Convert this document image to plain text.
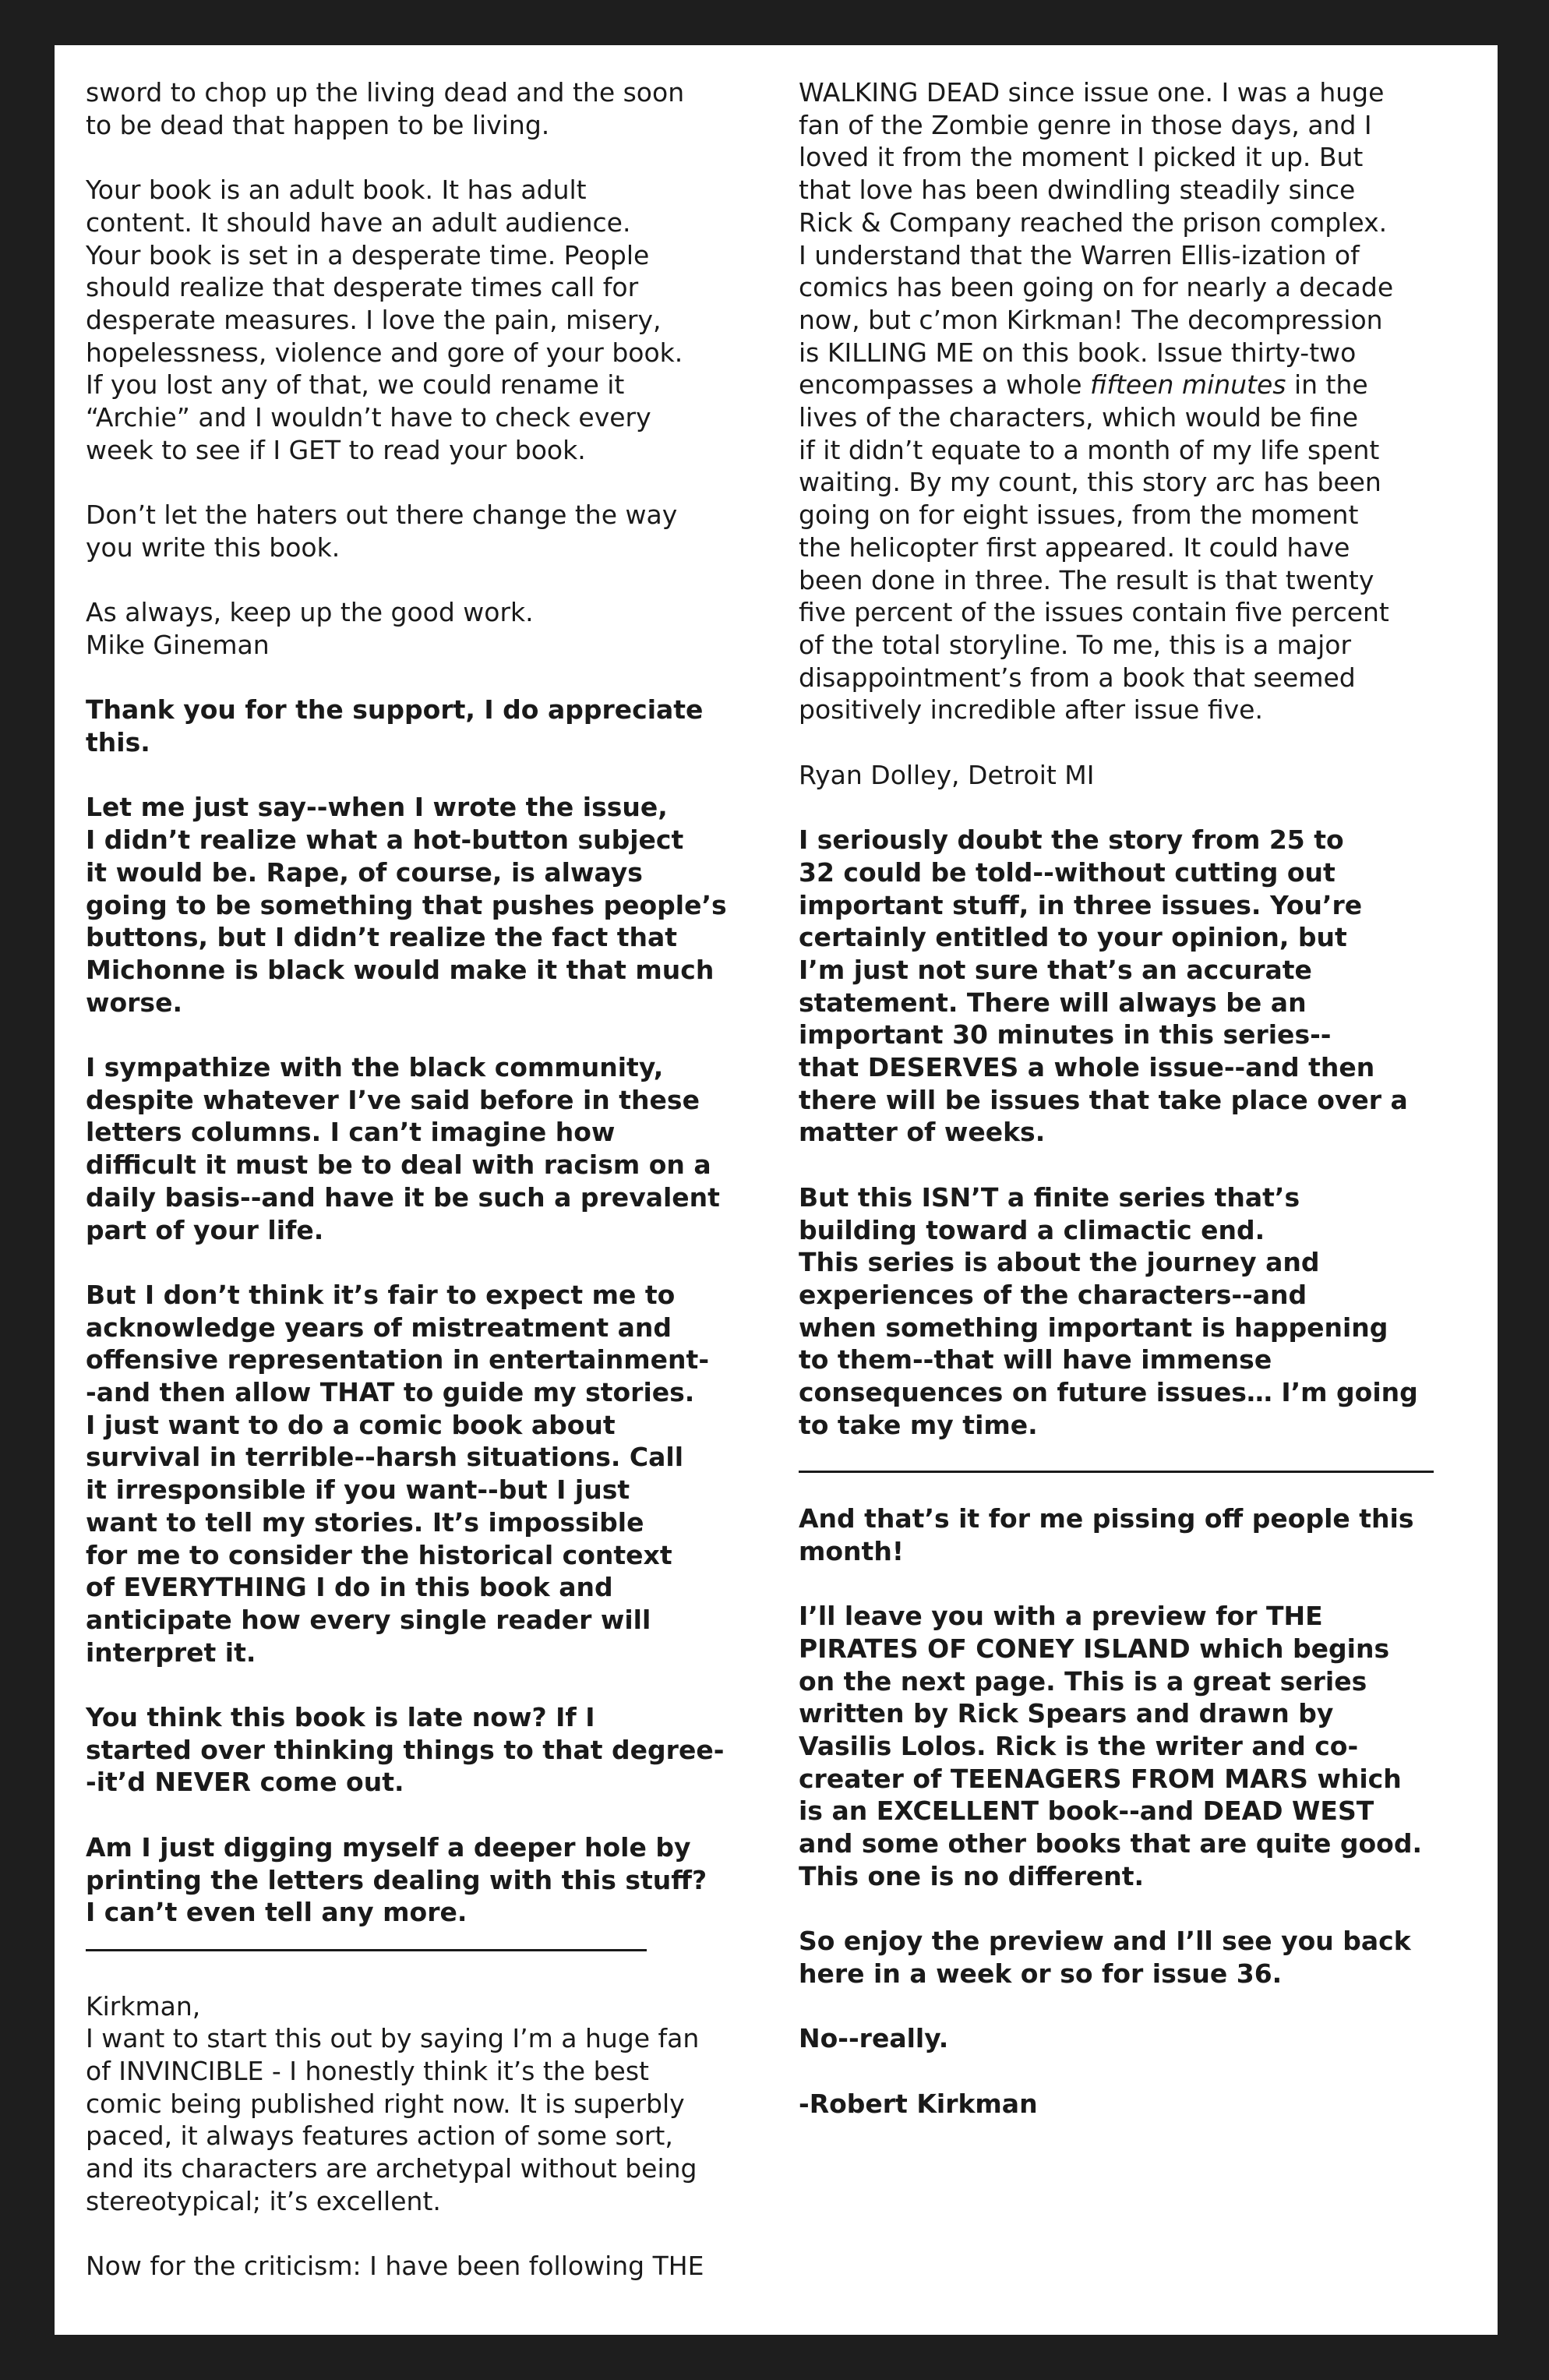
sword to chop up the living dead and the soon
to be dead that happen to be living.

Your book is an adult book. It has adult
content. It should have an adult audience.
Your book is set in a desperate time. People
should realize that desperate times call for
desperate measures. I love the pain, misery,
hopelessness, violence and gore of your book.
If you lost any of that, we could rename it
“Archie” and I wouldn’t have to check every
week to see if I GET to read your book.

Don’t let the haters out there change the way
you write this book.

As always, keep up the good work.
Mike Gineman

Thank you for the support, I do appreciate
this.

Let me just say--when I wrote the issue,
I didn’t realize what a hot-button subject
it would be. Rape, of course, is always
going to be something that pushes people’s
buttons, but I didn’t realize the fact that
Michonne is black would make it that much
worse.

I sympathize with the black community,
despite whatever I’ve said before in these
letters columns. I can’t imagine how
difficult it must be to deal with racism on a
daily basis--and have it be such a prevalent
part of your life.

But I don’t think it’s fair to expect me to
acknowledge years of mistreatment and
offensive representation in entertainment-
-and then allow THAT to guide my stories.
I just want to do a comic book about
survival in terrible--harsh situations. Call
it irresponsible if you want--but I just
want to tell my stories. It’s impossible
for me to consider the historical context
of EVERYTHING I do in this book and
anticipate how every single reader will
interpret it.

You think this book is late now? If I
started over thinking things to that degree-
-it’d NEVER come out.

Am I just digging myself a deeper hole by
printing the letters dealing with this stuff?
I can’t even tell any more.

Kirkman,
I want to start this out by saying I’m a huge fan
of INVINCIBLE - I honestly think it’s the best
comic being published right now. It is superbly
paced, it always features action of some sort,
and its characters are archetypal without being
stereotypical; it’s excellent.

Now for the criticism: I have been following THE

WALKING DEAD since issue one. I was a huge
fan of the Zombie genre in those days, and I
loved it from the moment I picked it up. But
that love has been dwindling steadily since
Rick & Company reached the prison complex.
I understand that the Warren Ellis-ization of
comics has been going on for nearly a decade
now, but c’mon Kirkman! The decompression
is KILLING ME on this book. Issue thirty-two
encompasses a whole fifteen minutes in the
lives of the characters, which would be fine
if it didn’t equate to a month of my life spent
waiting. By my count, this story arc has been
going on for eight issues, from the moment
the helicopter first appeared. It could have
been done in three. The result is that twenty
five percent of the issues contain five percent
of the total storyline. To me, this is a major
disappointment’s from a book that seemed
positively incredible after issue five.

Ryan Dolley, Detroit MI

I seriously doubt the story from 25 to
32 could be told--without cutting out
important stuff, in three issues. You’re
certainly entitled to your opinion, but
I’m just not sure that’s an accurate
statement. There will always be an
important 30 minutes in this series--
that DESERVES a whole issue--and then
there will be issues that take place over a
matter of weeks.

But this ISN’T a finite series that’s
building toward a climactic end.
This series is about the journey and
experiences of the characters--and
when something important is happening
to them--that will have immense
consequences on future issues… I’m going
to take my time.

And that’s it for me pissing off people this
month!

I’ll leave you with a preview for THE
PIRATES OF CONEY ISLAND which begins
on the next page. This is a great series
written by Rick Spears and drawn by
Vasilis Lolos. Rick is the writer and co-
creater of TEENAGERS FROM MARS which
is an EXCELLENT book--and DEAD WEST
and some other books that are quite good.
This one is no different.

So enjoy the preview and I’ll see you back
here in a week or so for issue 36.

No--really.

-Robert Kirkman
